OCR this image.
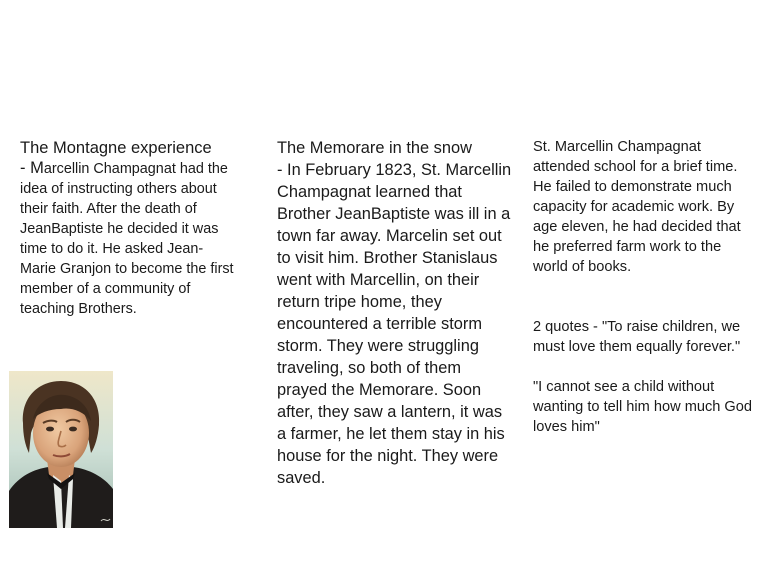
The Montagne experience
- Marcellin Champagnat had the idea of instructing others about their faith. After the death of JeanBaptiste he decided it was time to do it. He asked Jean-Marie Granjon to become the first member of a community of teaching Brothers.
The Memorare in the snow
- In February 1823, St. Marcellin Champagnat learned that Brother JeanBaptiste was ill in a town far away. Marcelin set out to visit him. Brother Stanislaus went with Marcellin, on their return tripe home, they encountered a terrible storm storm. They were struggling traveling, so both of them prayed the Memorare. Soon after, they saw a lantern, it was a farmer, he let them stay in his house for the night. They were saved.

St. Marcellin Champagnat attended school for a brief time. He failed to demonstrate much capacity for academic work. By age eleven, he had decided that he preferred farm work to the world of books.

2 quotes - "To raise children, we must love them equally forever."

"I cannot see a child without wanting to tell him how much God loves him"
